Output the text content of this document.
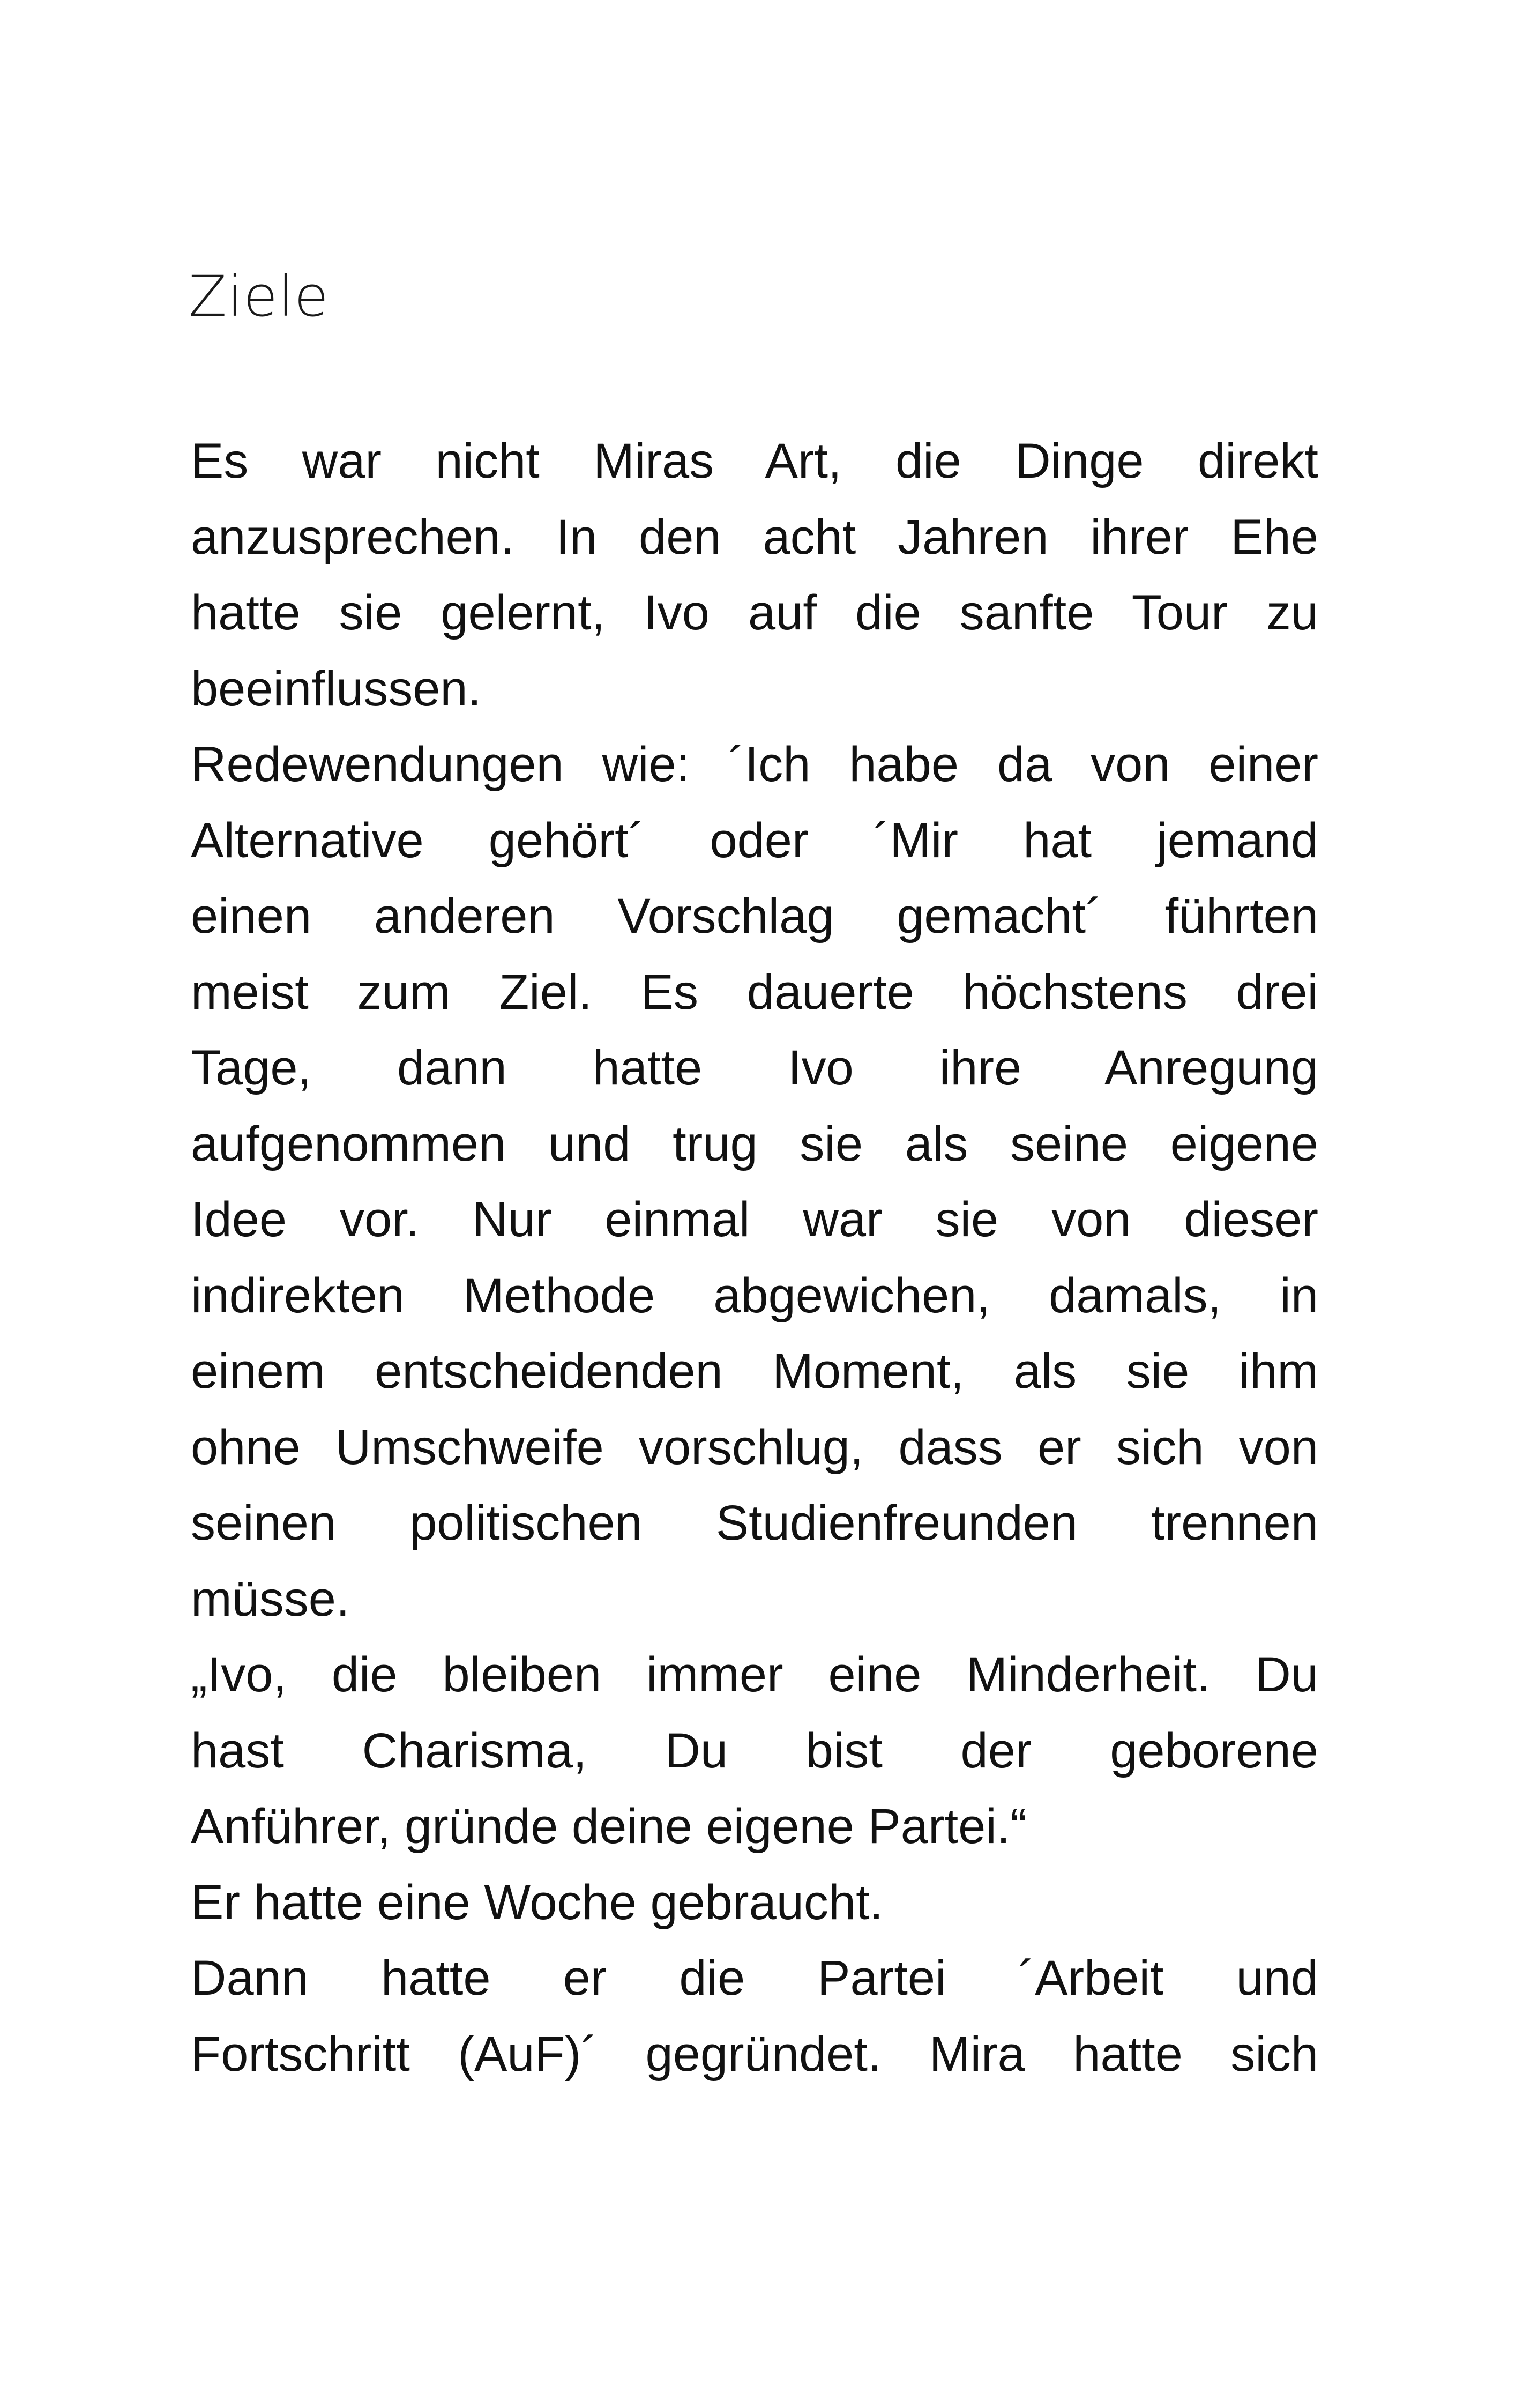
Ziele
Es war nicht Miras Art, die Dinge direkt
anzusprechen. In den acht Jahren ihrer Ehe
hatte sie gelernt, Ivo auf die sanfte Tour zu
beeinflussen.
Redewendungen wie: ´Ich habe da von einer
Alternative gehört´ oder ´Mir hat jemand
einen anderen Vorschlag gemacht´ führten
meist zum Ziel. Es dauerte höchstens drei
Tage, dann hatte Ivo ihre Anregung
aufgenommen und trug sie als seine eigene
Idee vor. Nur einmal war sie von dieser
indirekten Methode abgewichen, damals, in
einem entscheidenden Moment, als sie ihm
ohne Umschweife vorschlug, dass er sich von
seinen politischen Studienfreunden trennen
müsse.
„Ivo, die bleiben immer eine Minderheit. Du
hast Charisma, Du bist der geborene
Anführer, gründe deine eigene Partei.“
Er hatte eine Woche gebraucht.
Dann hatte er die Partei ´Arbeit und
Fortschritt (AuF)´ gegründet. Mira hatte sich
